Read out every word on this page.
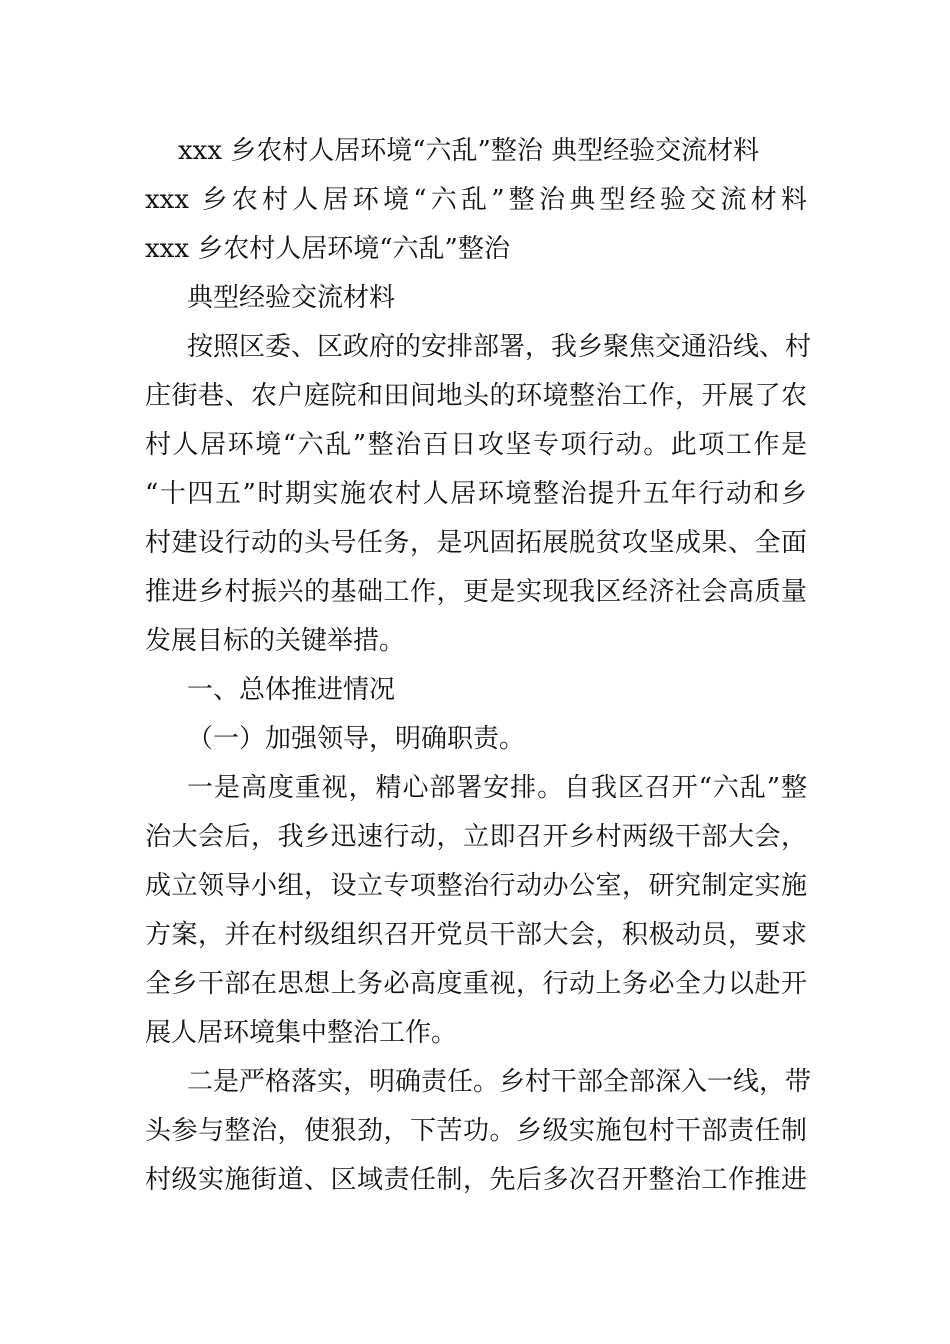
xxx 乡农村人居环境“六乱”整治 典型经验交流材料
xxx 乡农村人居环境“六乱”整治典型经验交流材料
xxx 乡农村人居环境“六乱”整治
典型经验交流材料
按照区委、区政府的安排部署，我乡聚焦交通沿线、村
庄街巷、农户庭院和田间地头的环境整治工作，开展了农
村人居环境“六乱”整治百日攻坚专项行动。此项工作是
“十四五”时期实施农村人居环境整治提升五年行动和乡
村建设行动的头号任务，是巩固拓展脱贫攻坚成果、全面
推进乡村振兴的基础工作，更是实现我区经济社会高质量
发展目标的关键举措。
一、总体推进情况
（一）加强领导，明确职责。
一是高度重视，精心部署安排。自我区召开“六乱”整
治大会后，我乡迅速行动，立即召开乡村两级干部大会，
成立领导小组，设立专项整治行动办公室，研究制定实施
方案，并在村级组织召开党员干部大会，积极动员，要求
全乡干部在思想上务必高度重视，行动上务必全力以赴开
展人居环境集中整治工作。
二是严格落实，明确责任。乡村干部全部深入一线，带
头参与整治，使狠劲，下苦功。乡级实施包村干部责任制
村级实施街道、区域责任制，先后多次召开整治工作推进
